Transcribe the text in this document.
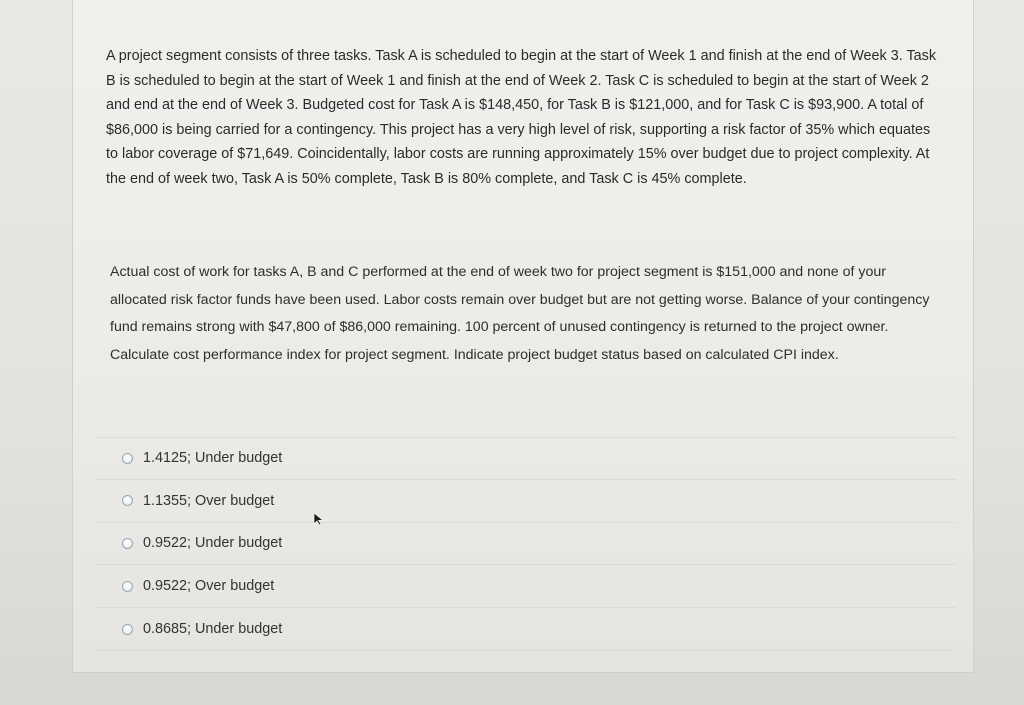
A project segment consists of three tasks. Task A is scheduled to begin at the start of Week 1 and finish at the end of Week 3. Task B is scheduled to begin at the start of Week 1 and finish at the end of Week 2. Task C is scheduled to begin at the start of Week 2 and end at the end of Week 3. Budgeted cost for Task A is $148,450, for Task B is $121,000, and for Task C is $93,900. A total of $86,000 is being carried for a contingency. This project has a very high level of risk, supporting a risk factor of 35% which equates to labor coverage of $71,649. Coincidentally, labor costs are running approximately 15% over budget due to project complexity. At the end of week two, Task A is 50% complete, Task B is 80% complete, and Task C is 45% complete.

Actual cost of work for tasks A, B and C performed at the end of week two for project segment is $151,000 and none of your allocated risk factor funds have been used. Labor costs remain over budget but are not getting worse. Balance of your contingency fund remains strong with $47,800 of $86,000 remaining. 100 percent of unused contingency is returned to the project owner. Calculate cost performance index for project segment. Indicate project budget status based on calculated CPI index.

1.4125; Under budget
1.1355; Over budget
0.9522; Under budget
0.9522; Over budget
0.8685; Under budget
